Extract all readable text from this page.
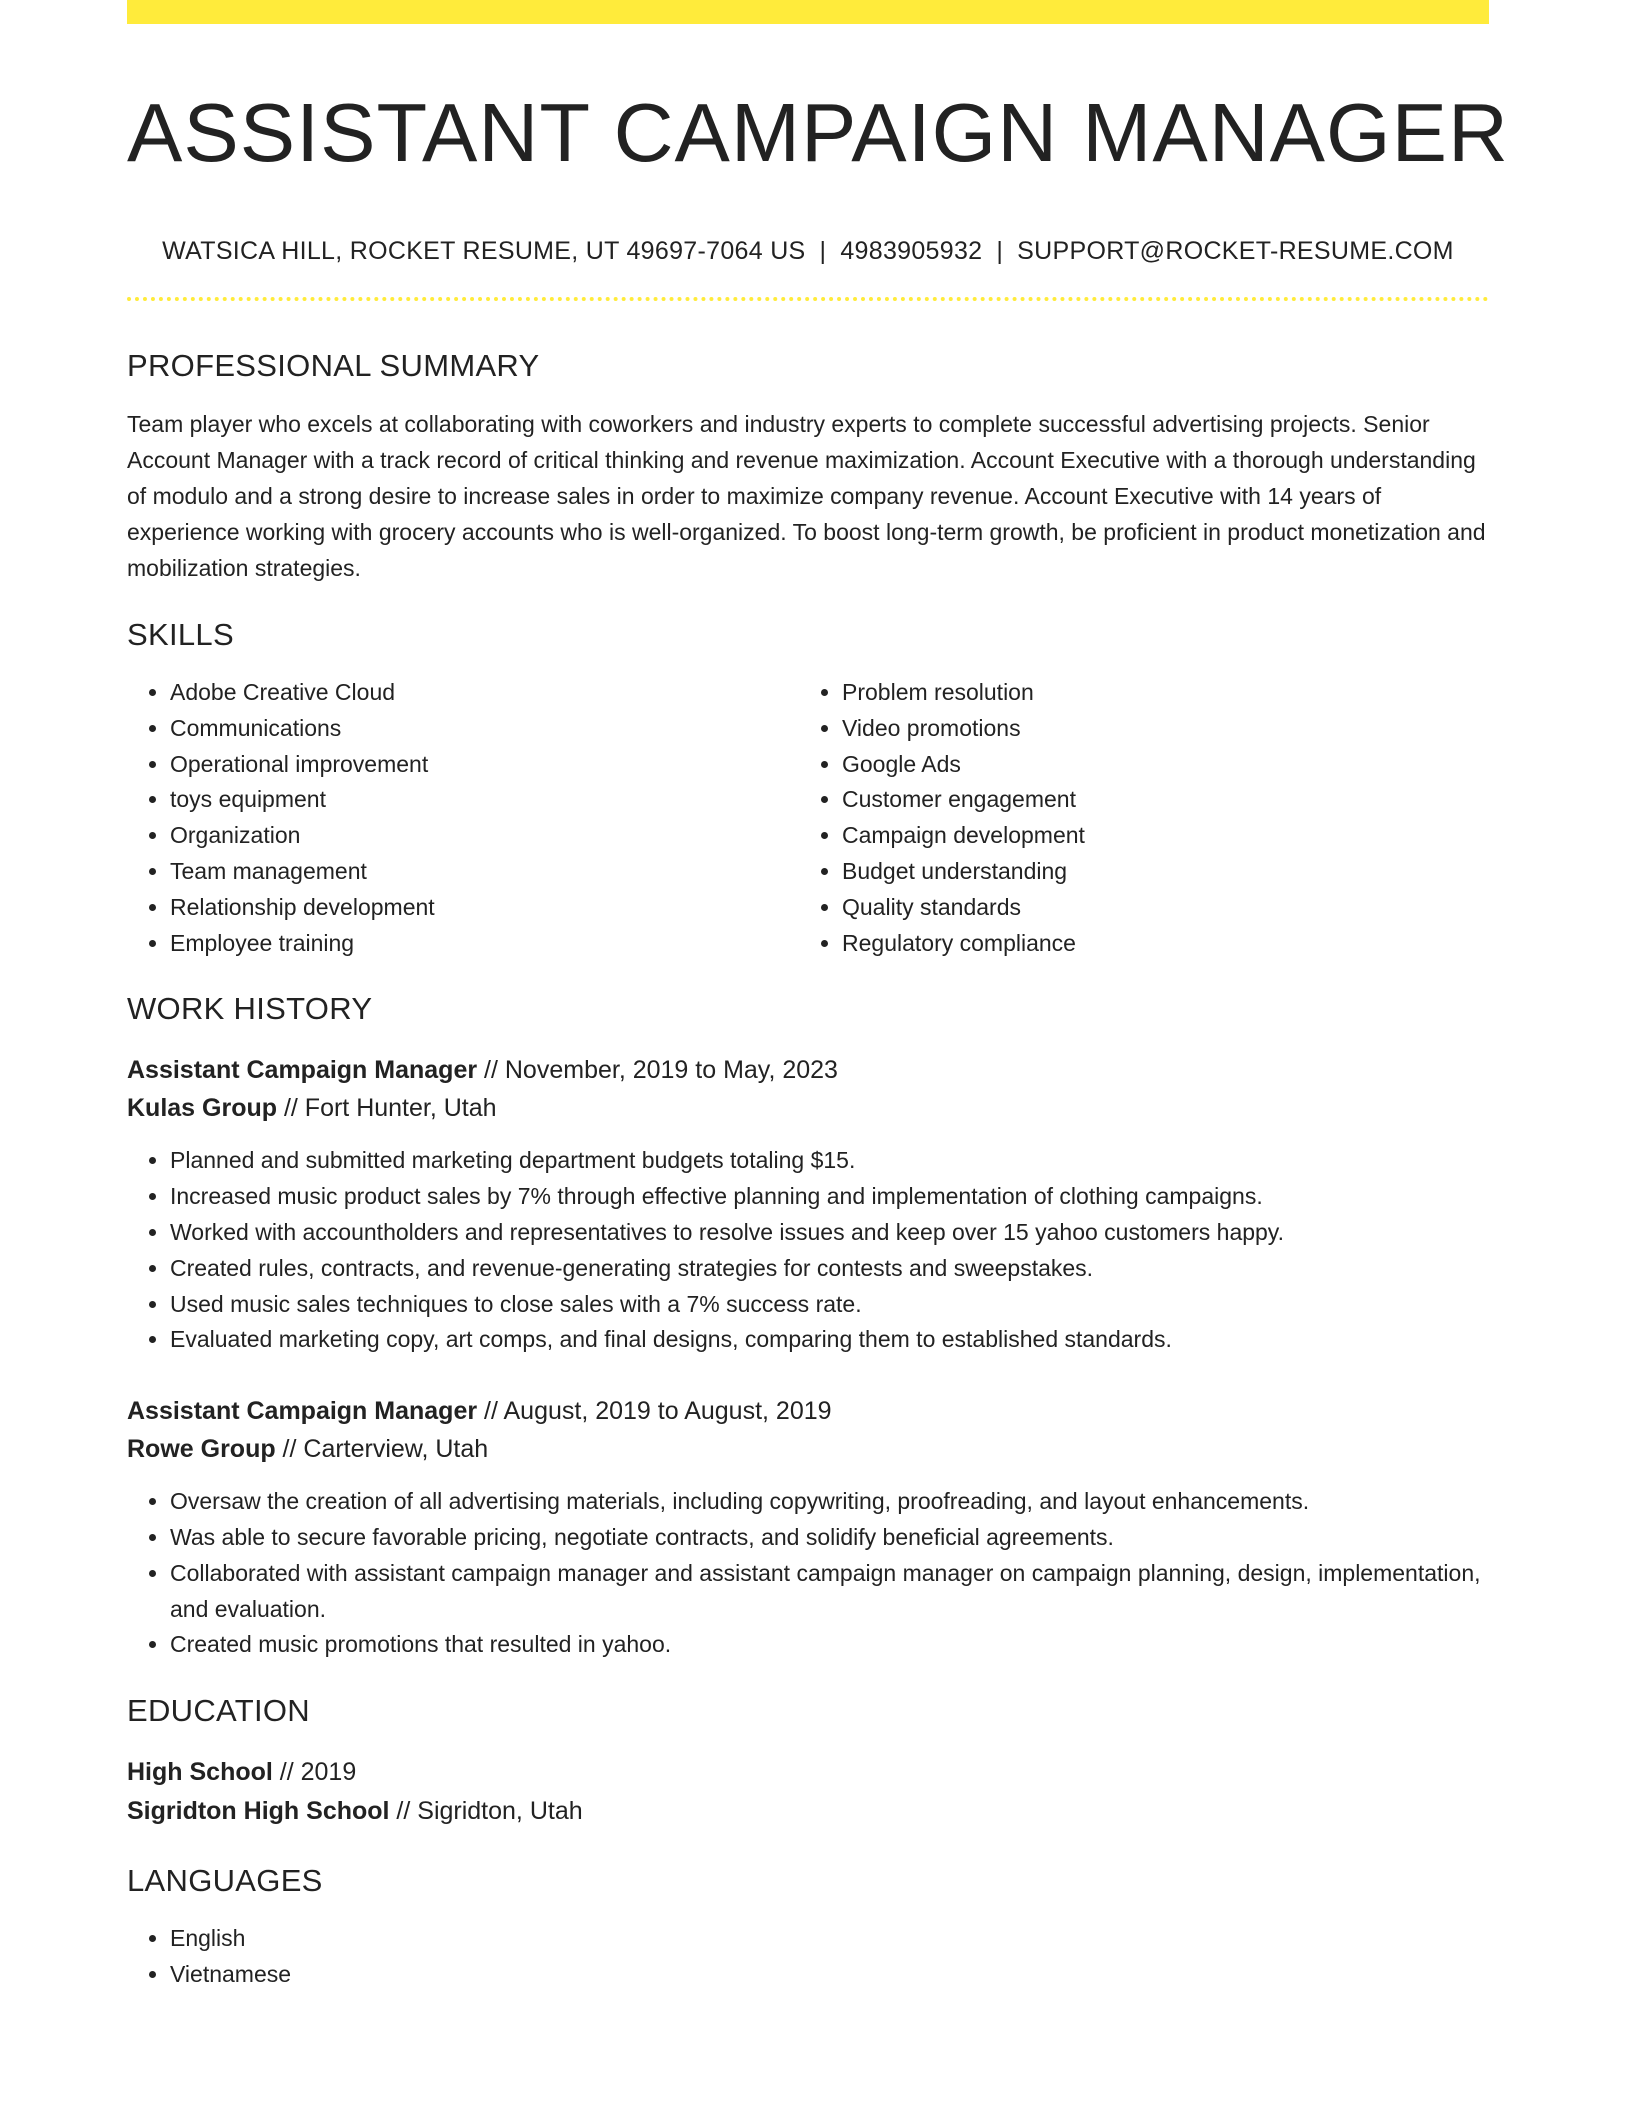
ASSISTANT CAMPAIGN MANAGER
WATSICA HILL, ROCKET RESUME, UT 49697-7064 US | 4983905932 | SUPPORT@ROCKET-RESUME.COM
PROFESSIONAL SUMMARY
Team player who excels at collaborating with coworkers and industry experts to complete successful advertising projects. Senior Account Manager with a track record of critical thinking and revenue maximization. Account Executive with a thorough understanding of modulo and a strong desire to increase sales in order to maximize company revenue. Account Executive with 14 years of experience working with grocery accounts who is well-organized. To boost long-term growth, be proficient in product monetization and mobilization strategies.
SKILLS
• Adobe Creative Cloud
• Communications
• Operational improvement
• toys equipment
• Organization
• Team management
• Relationship development
• Employee training
• Problem resolution
• Video promotions
• Google Ads
• Customer engagement
• Campaign development
• Budget understanding
• Quality standards
• Regulatory compliance
WORK HISTORY
Assistant Campaign Manager // November, 2019 to May, 2023
Kulas Group // Fort Hunter, Utah
• Planned and submitted marketing department budgets totaling $15.
• Increased music product sales by 7% through effective planning and implementation of clothing campaigns.
• Worked with accountholders and representatives to resolve issues and keep over 15 yahoo customers happy.
• Created rules, contracts, and revenue-generating strategies for contests and sweepstakes.
• Used music sales techniques to close sales with a 7% success rate.
• Evaluated marketing copy, art comps, and final designs, comparing them to established standards.
Assistant Campaign Manager // August, 2019 to August, 2019
Rowe Group // Carterview, Utah
• Oversaw the creation of all advertising materials, including copywriting, proofreading, and layout enhancements.
• Was able to secure favorable pricing, negotiate contracts, and solidify beneficial agreements.
• Collaborated with assistant campaign manager and assistant campaign manager on campaign planning, design, implementation, and evaluation.
• Created music promotions that resulted in yahoo.
EDUCATION
High School // 2019
Sigridton High School // Sigridton, Utah
LANGUAGES
• English
• Vietnamese
